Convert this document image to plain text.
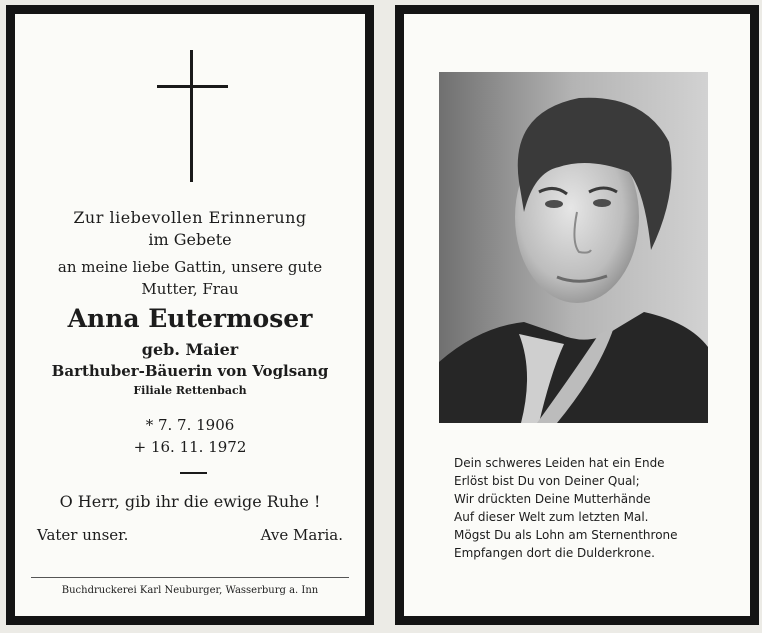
Zur liebevollen Erinnerung
im Gebete
an meine liebe Gattin, unsere gute
Mutter, Frau
Anna Eutermoser
geb. Maier
Barthuber-Bäuerin von Voglsang
Filiale Rettenbach
* 7. 7. 1906
+ 16. 11. 1972
O Herr, gib ihr die ewige Ruhe !
Vater unser.	Ave Maria.
Buchdruckerei Karl Neuburger, Wasserburg a. Inn
Dein schweres Leiden hat ein Ende
Erlöst bist Du von Deiner Qual;
Wir drückten Deine Mutterhände
Auf dieser Welt zum letzten Mal.
Mögst Du als Lohn am Sternenthrone
Empfangen dort die Dulderkrone.
